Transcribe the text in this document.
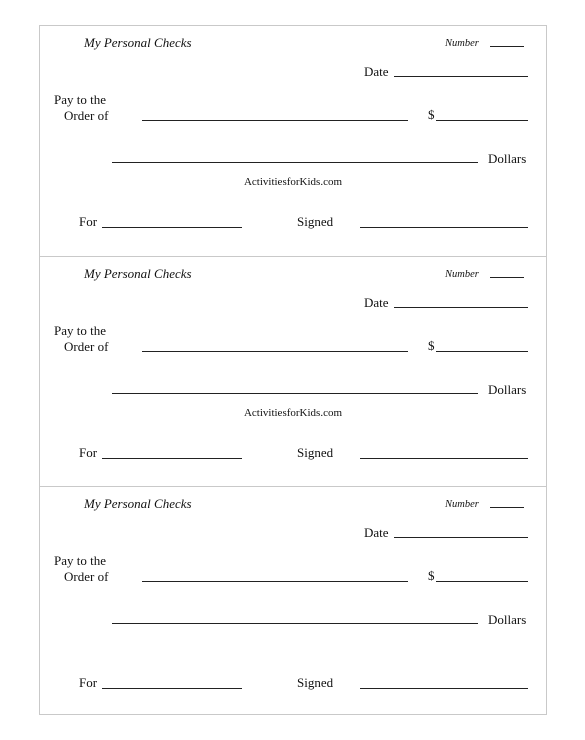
My Personal Checks	Number
Date
Pay to the
Order of	$
Dollars
ActivitiesforKids.com
For	Signed
My Personal Checks	Number
Date
Pay to the
Order of	$
Dollars
ActivitiesforKids.com
For	Signed
My Personal Checks	Number
Date
Pay to the
Order of	$
Dollars
For	Signed
